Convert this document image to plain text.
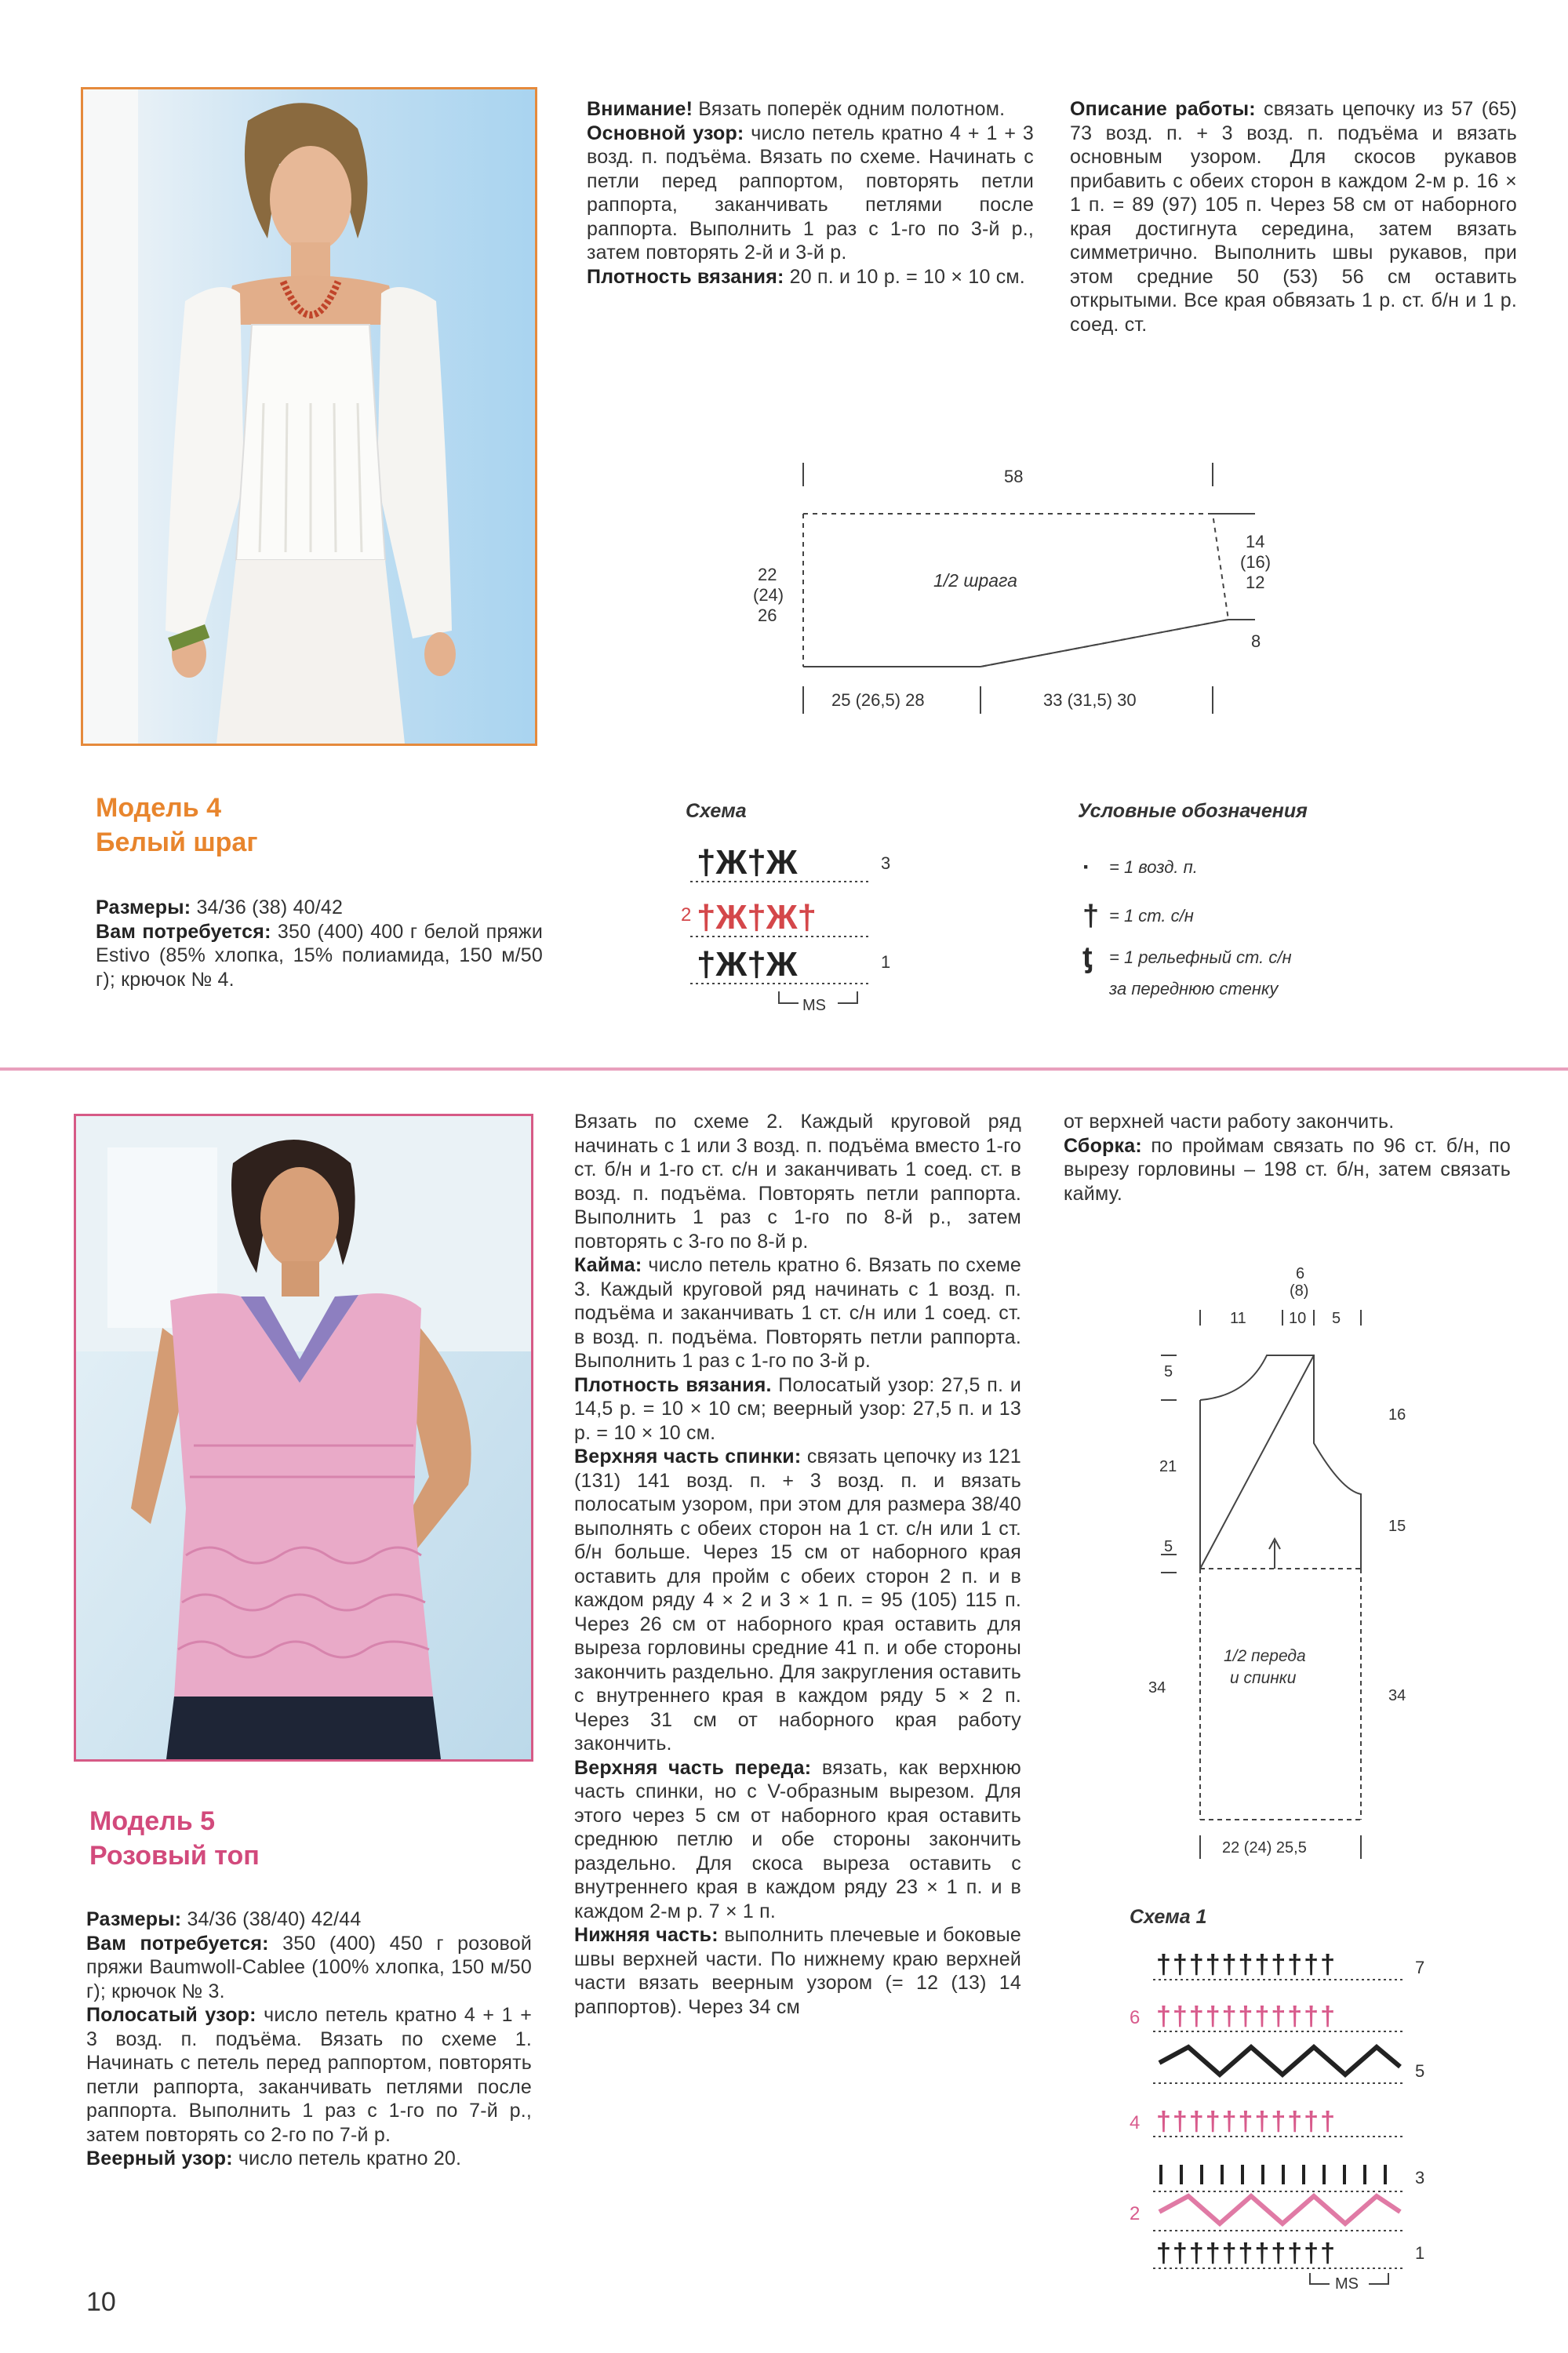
Модель 4
Белый шраг

Размеры: 34/36 (38) 40/42

Вам потребуется: 350 (400) 400 г белой пряжи Estivo (85% хлопка, 15% полиамида, 150 м/50 г); крючок № 4.

Внимание! Вязать поперёк одним полотном.

Основной узор: число петель кратно 4 + 1 + 3 возд. п. подъёма. Вязать по схеме. Начинать с петли перед раппортом, повторять петли раппорта, заканчивать петлями после раппорта. Выполнить 1 раз с 1-го по 3-й р., затем повторять 2-й и 3-й р.

Плотность вязания: 20 п. и 10 р. = 10 × 10 см.

Описание работы: связать цепочку из 57 (65) 73 возд. п. + 3 возд. п. подъёма и вязать основным узором. Для скосов рукавов прибавить с обеих сторон в каждом 2-м р. 16 × 1 п. = 89 (97) 105 п. Через 58 см от наборного края достигнута середина, затем вязать симметрично. Выполнить швы рукавов, при этом средние 50 (53) 56 см оставить открытыми. Все края обвязать 1 р. ст. б/н и 1 р. соед. ст.

58
22
(24)
26
14
(16)
12
8
1/2 шрага
25 (26,5) 28	33 (31,5) 30
Схема
†Ж†Ж
†Ж†Ж†
†Ж†Ж
3
2
1
MS
Условные обозначения
·	= 1 возд. п.
† = 1 ст. с/н
ƫ = 1 рельефный ст. с/н
за переднюю стенку
Модель 5
Розовый топ

Размеры: 34/36 (38/40) 42/44

Вам потребуется: 350 (400) 450 г розовой пряжи Baumwoll-Cablee (100% хлопка, 150 м/50 г); крючок № 3.

Полосатый узор: число петель кратно 4 + 1 + 3 возд. п. подъёма. Вязать по схеме 1. Начинать с петель перед раппортом, повторять петли раппорта, заканчивать петлями после раппорта. Выполнить 1 раз с 1-го по 7-й р., затем повторять со 2-го по 7-й р.

Веерный узор: число петель кратно 20.

Вязать по схеме 2. Каждый круговой ряд начинать с 1 или 3 возд. п. подъёма вместо 1-го ст. б/н и 1-го ст. с/н и заканчивать 1 соед. ст. в возд. п. подъёма. Повторять петли раппорта. Выполнить 1 раз с 1-го по 8-й р., затем повторять с 3-го по 8-й р.

Кайма: число петель кратно 6. Вязать по схеме 3. Каждый круговой ряд начинать с 1 возд. п. подъёма и заканчивать 1 ст. с/н или 1 соед. ст. в возд. п. подъёма. Повторять петли раппорта. Выполнить 1 раз с 1-го по 3-й р.

Плотность вязания. Полосатый узор: 27,5 п. и 14,5 р. = 10 × 10 см; веерный узор: 27,5 п. и 13 р. = 10 × 10 см.

Верхняя часть спинки: связать цепочку из 121 (131) 141 возд. п. + 3 возд. п. и вязать полосатым узором, при этом для размера 38/40 выполнять с обеих сторон на 1 ст. с/н или 1 ст. б/н больше. Через 15 см от наборного края оставить для пройм с обеих сторон 2 п. и в каждом ряду 4 × 2 и 3 × 1 п. = 95 (105) 115 п. Через 26 см от наборного края оставить для выреза горловины средние 41 п. и обе стороны закончить раздельно. Для закругления оставить с внутреннего края в каждом ряду 5 × 2 п. Через 31 см от наборного края работу закончить.

Верхняя часть переда: вязать, как верхнюю часть спинки, но с V-образным вырезом. Для этого через 5 см от наборного края оставить среднюю петлю и обе стороны закончить раздельно. Для скоса выреза оставить с внутреннего края в каждом ряду 23 × 1 п. и в каждом 2-м р. 7 × 1 п.

Нижняя часть: выполнить плечевые и боковые швы верхней части. По нижнему краю верхней части вязать веерным узором (= 12 (13) 14 раппортов). Через 34 см

от верхней части работу закончить.

Сборка: по проймам связать по 96 ст. б/н, по вырезу горловины – 198 ст. б/н, затем связать кайму.

6
(8)
11	10 5
5
21
5
34
16
15
34
1/2 переда
и спинки
22 (24) 25,5
Схема 1
†††††††††††
†††††††††††
†††††††††††
†††††††††††
7
6
5
4
3
2
1
MS
10
